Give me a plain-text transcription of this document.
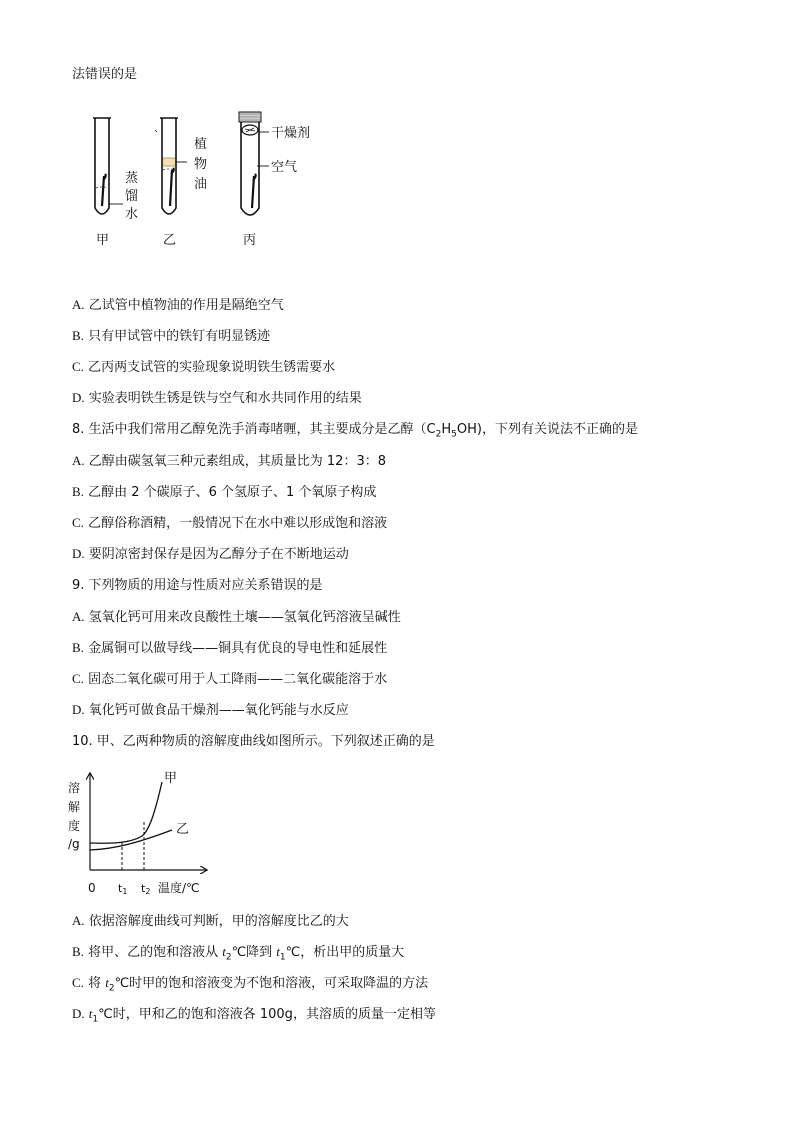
法错误的是
蒸
馏
水
植
物
油
干燥剂
空气
甲	乙	丙
A. 乙试管中植物油的作用是隔绝空气
B. 只有甲试管中的铁钉有明显锈迹
C. 乙丙两支试管的实验现象说明铁生锈需要水
D. 实验表明铁生锈是铁与空气和水共同作用的结果
8. 生活中我们常用乙醇免洗手消毒啫喱，其主要成分是乙醇$(C_2H_5OH)$，下列有关说法不正确的是
A. 乙醇由碳氢氧三种元素组成，其质量比为 12：3：8
B. 乙醇由 2 个碳原子、6 个氢原子、1 个氧原子构成
C. 乙醇俗称酒精，一般情况下在水中难以形成饱和溶液
D. 要阴凉密封保存是因为乙醇分子在不断地运动
9. 下列物质的用途与性质对应关系错误的是
A. 氢氧化钙可用来改良酸性土壤——氢氧化钙溶液呈碱性
B. 金属铜可以做导线——铜具有优良的导电性和延展性
C. 固态二氧化碳可用于人工降雨——二氧化碳能溶于水
D. 氧化钙可做食品干燥剂——氧化钙能与水反应
10. 甲、乙两种物质的溶解度曲线如图所示。下列叙述正确的是
溶
解
度
/g
0 t1 t2 温度/℃
甲
乙
A. 依据溶解度曲线可判断，甲的溶解度比乙的大
B. 将甲、乙的饱和溶液从 $t_2℃$降到 $t_1℃$，析出甲的质量大
C. 将 $t_2℃$时甲的饱和溶液变为不饱和溶液，可采取降温的方法
D. $t_1℃$时，甲和乙的饱和溶液各 100g，其溶质的质量一定相等
